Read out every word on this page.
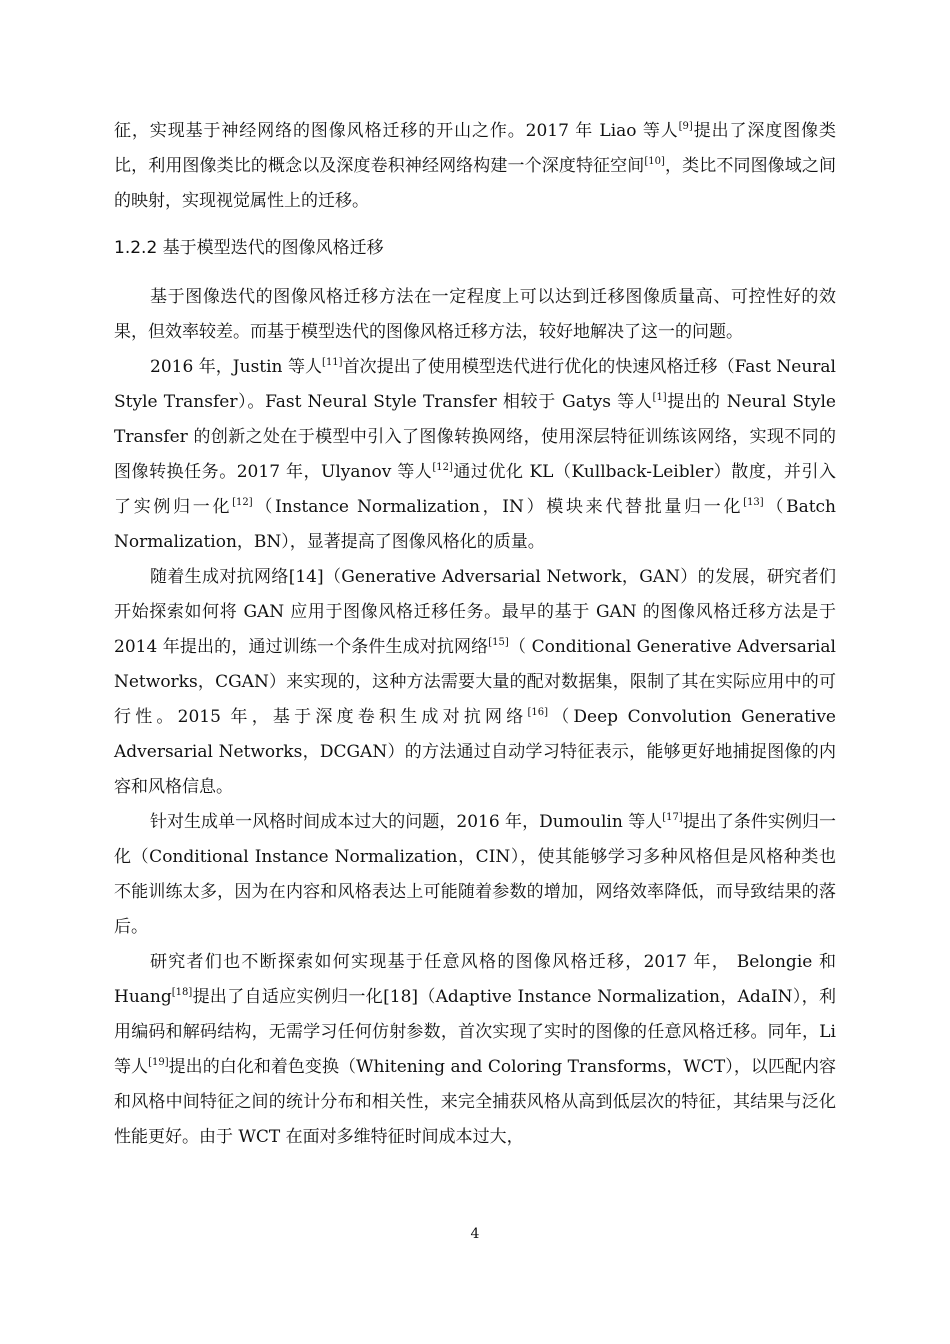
征，实现基于神经网络的图像风格迁移的开山之作。2017 年 Liao 等人[9]提出了深度图像类比，利用图像类比的概念以及深度卷积神经网络构建一个深度特征空间[10]，类比不同图像域之间的映射，实现视觉属性上的迁移。

1.2.2 基于模型迭代的图像风格迁移

基于图像迭代的图像风格迁移方法在一定程度上可以达到迁移图像质量高、可控性好的效果，但效率较差。而基于模型迭代的图像风格迁移方法，较好地解决了这一的问题。

2016 年，Justin 等人[11]首次提出了使用模型迭代进行优化的快速风格迁移（Fast Neural Style Transfer）。Fast Neural Style Transfer 相较于 Gatys 等人[1]提出的 Neural Style Transfer 的创新之处在于模型中引入了图像转换网络，使用深层特征训练该网络，实现不同的图像转换任务。2017 年，Ulyanov 等人[12]通过优化 KL（Kullback-Leibler）散度，并引入了实例归一化[12]（Instance Normalization，IN）模块来代替批量归一化[13]（Batch Normalization，BN），显著提高了图像风格化的质量。

随着生成对抗网络[14]（Generative Adversarial Network，GAN）的发展，研究者们开始探索如何将 GAN 应用于图像风格迁移任务。最早的基于 GAN 的图像风格迁移方法是于 2014 年提出的，通过训练一个条件生成对抗网络[15]（ Conditional Generative Adversarial Networks，CGAN）来实现的，这种方法需要大量的配对数据集，限制了其在实际应用中的可行性。2015 年，基于深度卷积生成对抗网络[16]（Deep Convolution Generative Adversarial Networks，DCGAN）的方法通过自动学习特征表示，能够更好地捕捉图像的内容和风格信息。

针对生成单一风格时间成本过大的问题，2016 年，Dumoulin 等人[17]提出了条件实例归一化（Conditional Instance Normalization，CIN），使其能够学习多种风格但是风格种类也不能训练太多，因为在内容和风格表达上可能随着参数的增加，网络效率降低，而导致结果的落后。

研究者们也不断探索如何实现基于任意风格的图像风格迁移，2017 年， Belongie 和 Huang[18]提出了自适应实例归一化[18]（Adaptive Instance Normalization，AdaIN），利用编码和解码结构，无需学习任何仿射参数，首次实现了实时的图像的任意风格迁移。同年，Li 等人[19]提出的白化和着色变换（Whitening and Coloring Transforms，WCT），以匹配内容和风格中间特征之间的统计分布和相关性，来完全捕获风格从高到低层次的特征，其结果与泛化性能更好。由于 WCT 在面对多维特征时间成本过大，

4
